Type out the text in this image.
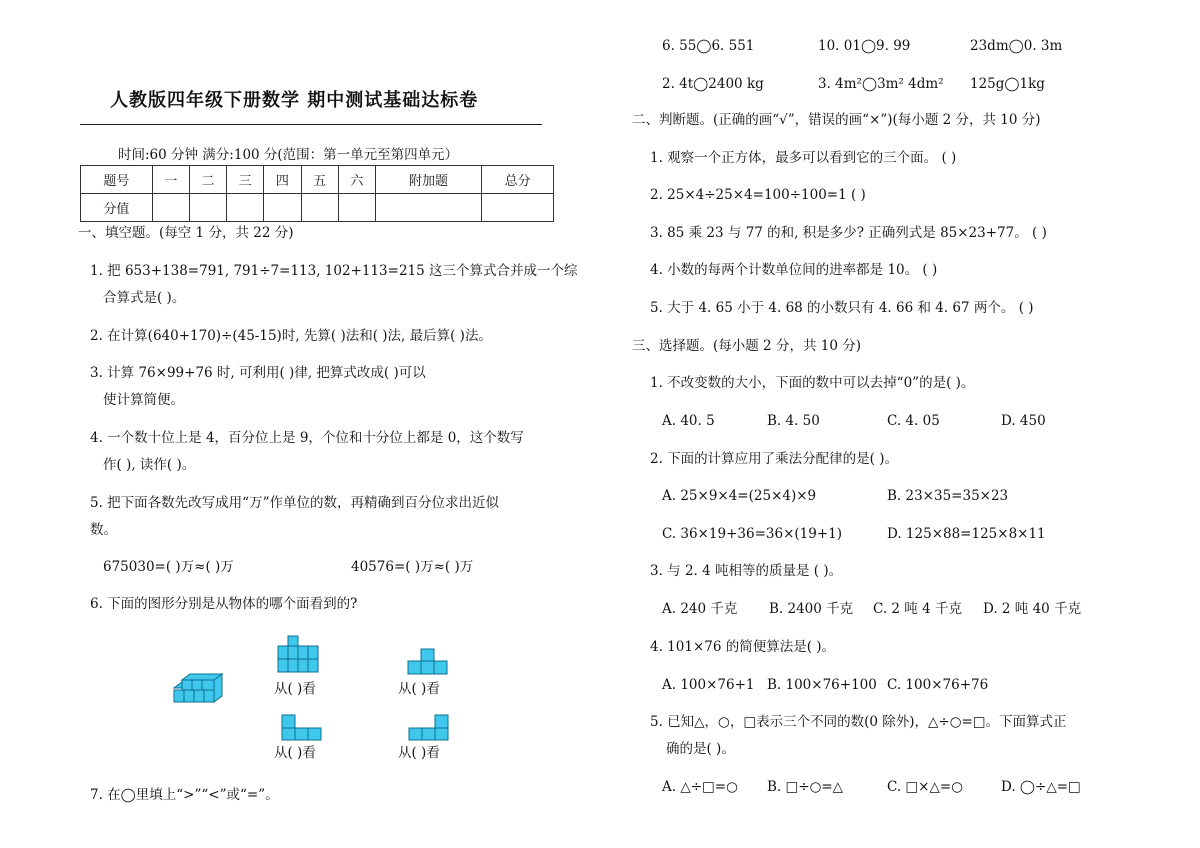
人教版四年级下册数学 期中测试基础达标卷
时间:60 分钟 满分:100 分(范围：第一单元至第四单元）
题号	一	二	三	四	五	六	附加题	总分
分值								
一、填空题。(每空 1 分，共 22 分)
1. 把 653+138=791, 791÷7=113, 102+113=215 这三个算式合并成一个综
合算式是( )。
2. 在计算(640+170)÷(45-15)时, 先算( )法和( )法, 最后算( )法。
3. 计算 76×99+76 时, 可利用( )律, 把算式改成( )可以
使计算简便。
4. 一个数十位上是 4，百分位上是 9，个位和十分位上都是 0，这个数写
作( ), 读作( )。
5. 把下面各数先改写成用“万”作单位的数，再精确到百分位求出近似
数。
675030=( )万≈( )万	40576=( )万≈( )万
6. 下面的图形分别是从物体的哪个面看到的?
从( )看	从( )看
从( )看	从( )看
7. 在◯里填上“>”“<”或“=”。
6. 55◯6. 551	10. 01◯9. 99	23dm◯0. 3m
2. 4t◯2400 kg	3. 4m²◯3m² 4dm² 125g◯1kg
二、判断题。(正确的画“√”，错误的画“×”)(每小题 2 分，共 10 分)
1. 观察一个正方体，最多可以看到它的三个面。 ( )
2. 25×4÷25×4=100÷100=1 ( )
3. 85 乘 23 与 77 的和, 积是多少? 正确列式是 85×23+77。 ( )
4. 小数的每两个计数单位间的进率都是 10。 ( )
5. 大于 4. 65 小于 4. 68 的小数只有 4. 66 和 4. 67 两个。 ( )
三、选择题。(每小题 2 分，共 10 分)
1. 不改变数的大小，下面的数中可以去掉“0”的是( )。
A. 40. 5	B. 4. 50	C. 4. 05	D. 450
2. 下面的计算应用了乘法分配律的是( )。
A. 25×9×4=(25×4)×9	B. 23×35=35×23
C. 36×19+36=36×(19+1)	D. 125×88=125×8×11
3. 与 2. 4 吨相等的质量是 ( )。
A. 240 千克 B. 2400 千克 C. 2 吨 4 千克 D. 2 吨 40 千克
4. 101×76 的简便算法是( )。
A. 100×76+1 B. 100×76+100 C. 100×76+76
5. 已知△，○，□表示三个不同的数(0 除外)，△÷○=□。下面算式正
确的是( )。
A. △÷□=○ B. □÷○=△	C. □×△=○	D. ◯÷△=□
